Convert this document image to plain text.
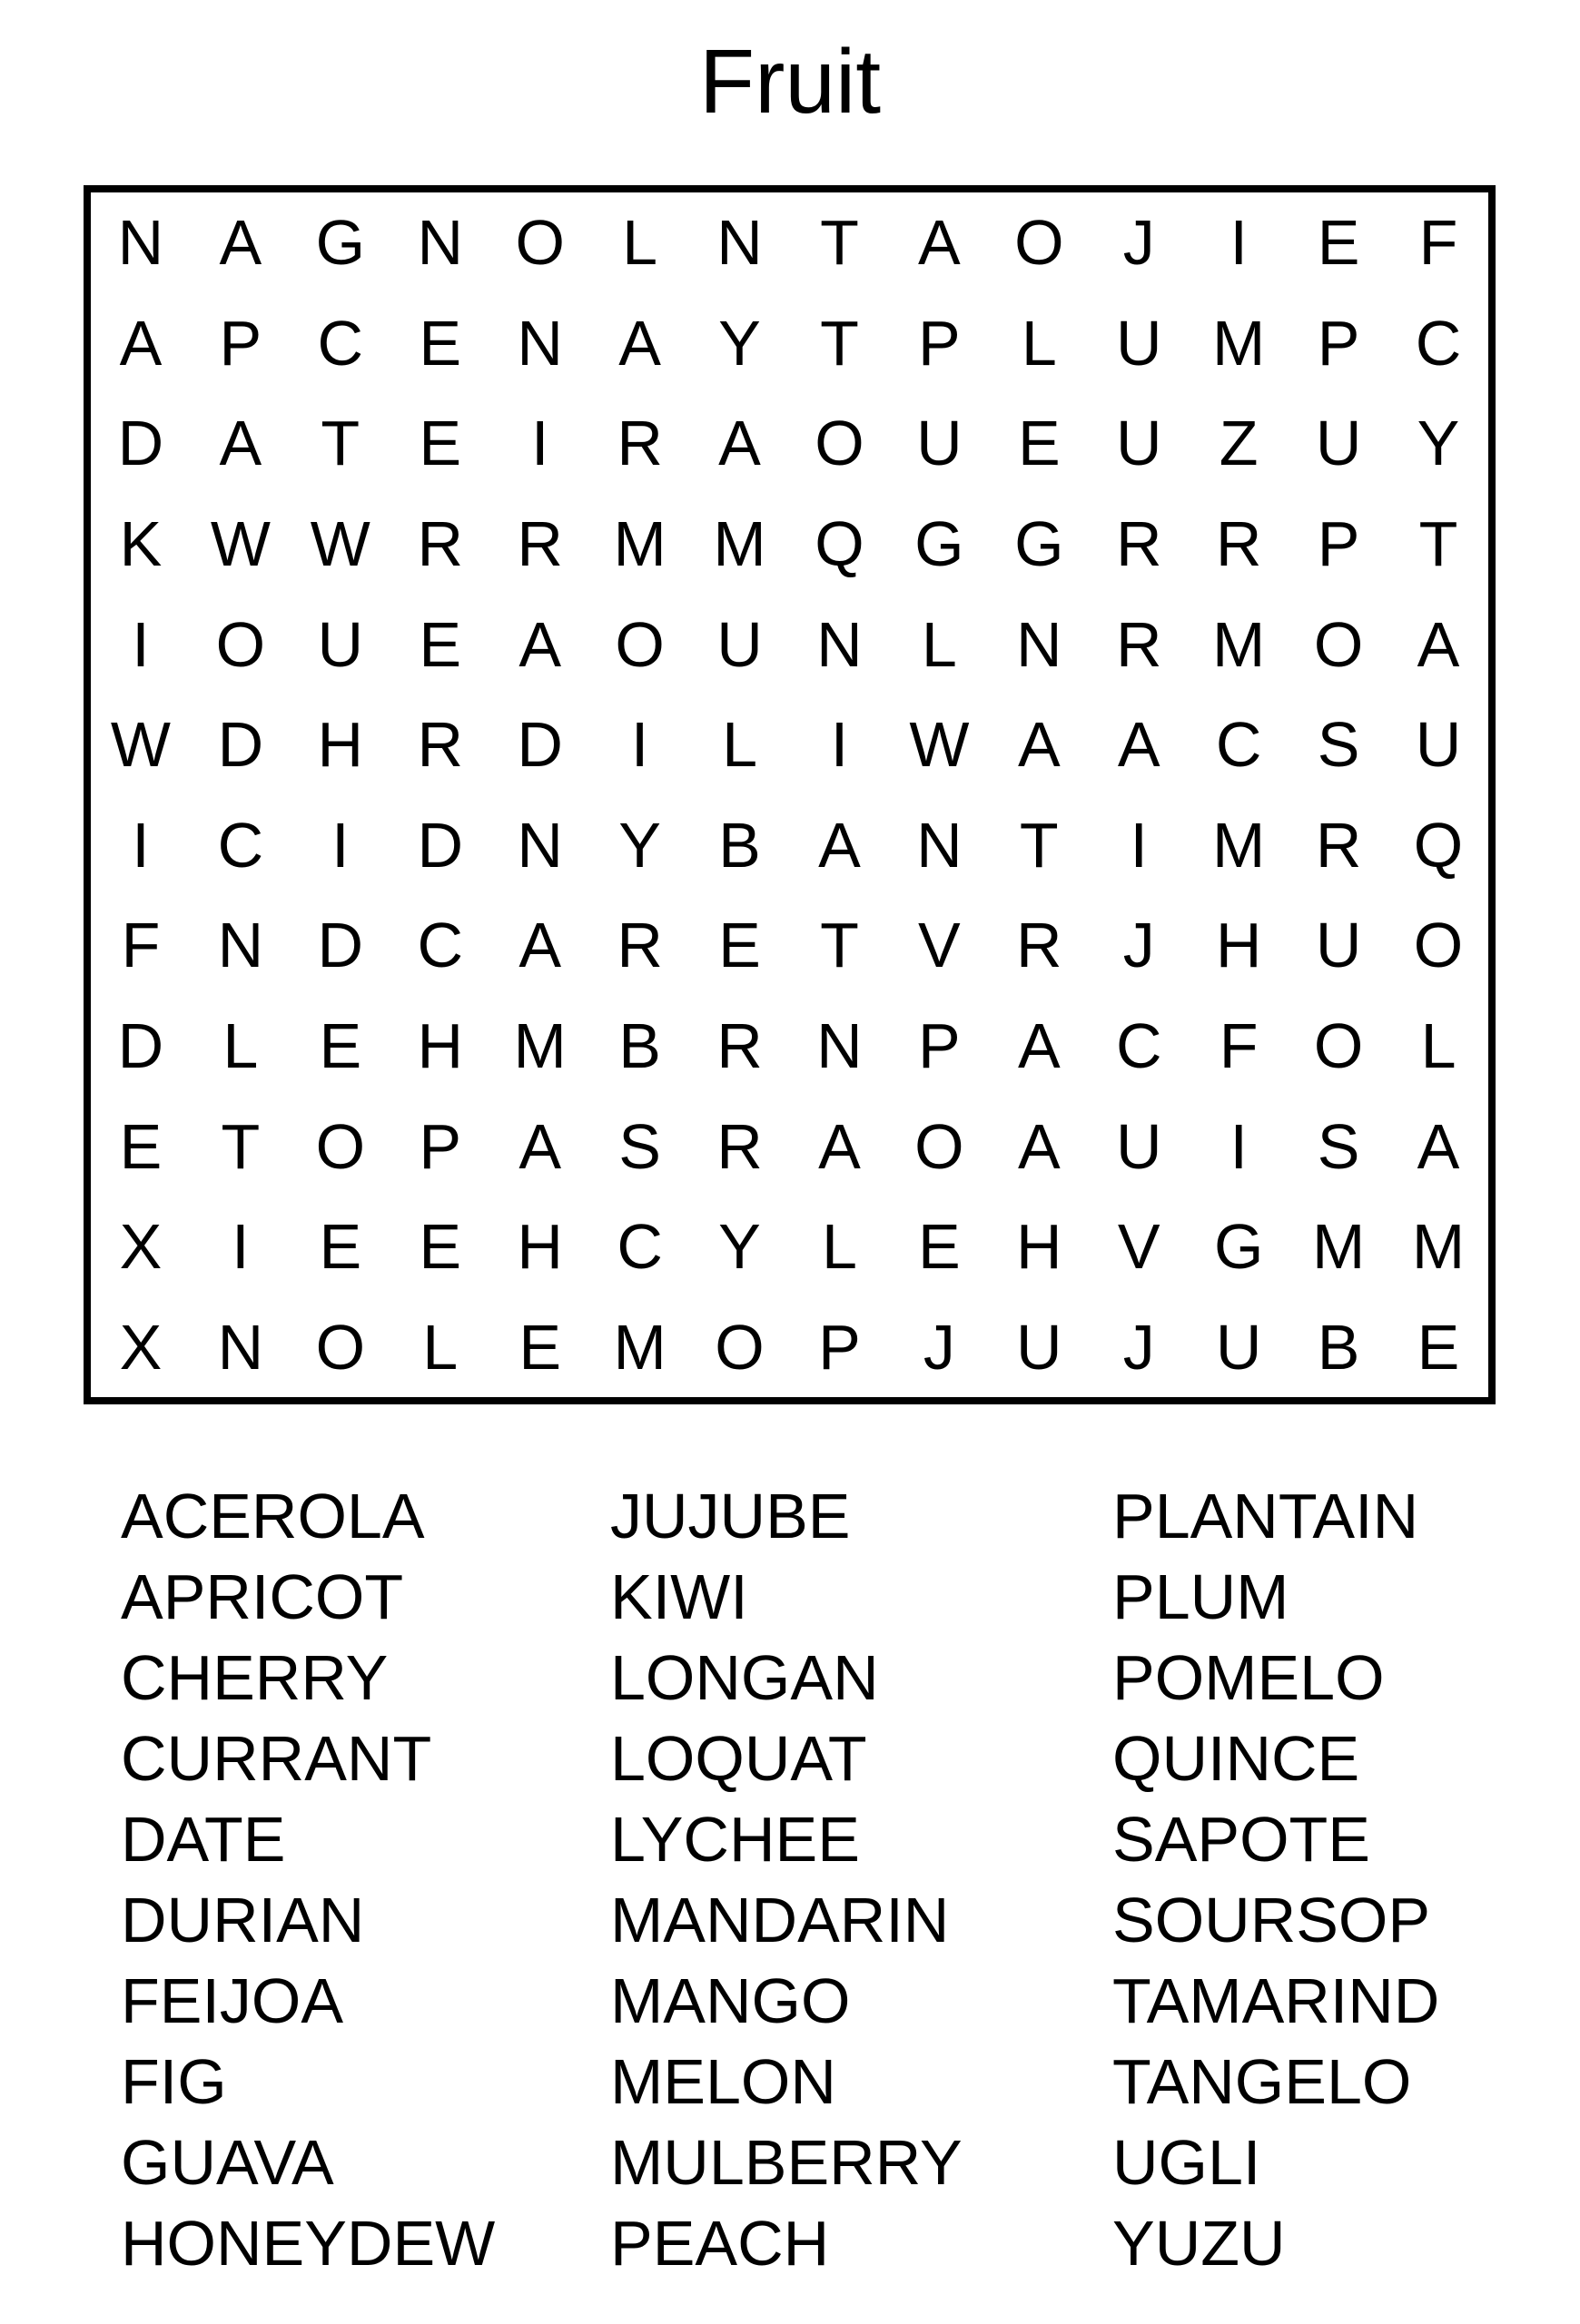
Fruit
N A G N O L N T A O J	I	E F
A P C E N A Y T P L U M P C
D A T E	I	R A O U E U Z U Y
K W W R R M M Q G G R R P T
I	O U E A O U N L N R M O A
W D H R D	I	L	I W A A C S U
I	C	I	D N Y B A N T	I	M R Q
F N D C A R E T V R J H U O
D L E H M B R N P A C F O L
E T O P A S R A O A U	I	S A
X	I	E E H C Y L E H V G M M
X N O L E M O P J U J U B E
ACEROLA
APRICOT
CHERRY
CURRANT
DATE
DURIAN
FEIJOA
FIG
GUAVA
HONEYDEW
JUJUBE
KIWI
LONGAN
LOQUAT
LYCHEE
MANDARIN
MANGO
MELON
MULBERRY
PEACH
PLANTAIN
PLUM
POMELO
QUINCE
SAPOTE
SOURSOP
TAMARIND
TANGELO
UGLI
YUZU
